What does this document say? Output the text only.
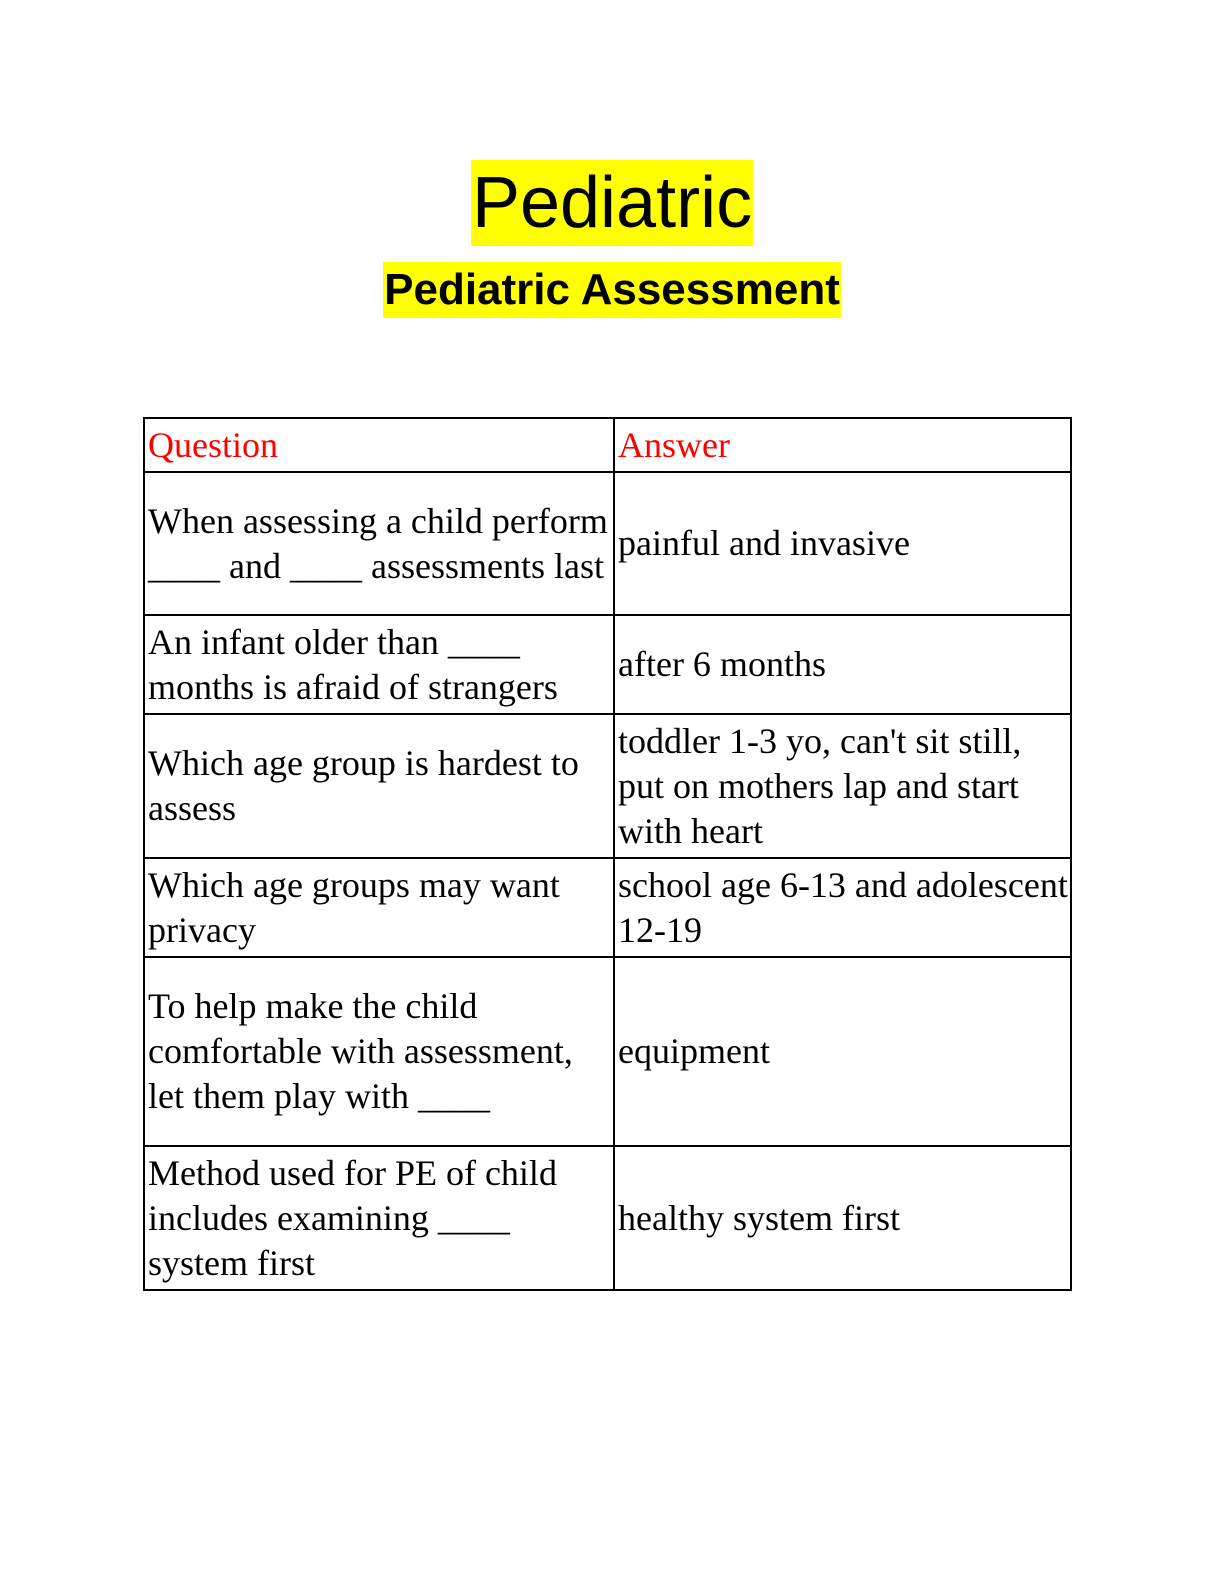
Pediatric
Pediatric Assessment
Question	Answer
When assessing a child perform ____ and ____ assessments last	painful and invasive
An infant older than ____ months is afraid of strangers	after 6 months
Which age group is hardest to assess	toddler 1-3 yo, can't sit still, put on mothers lap and start with heart
Which age groups may want privacy	school age 6-13 and adolescent 12-19
To help make the child comfortable with assessment, let them play with ____	equipment
Method used for PE of child includes examining ____ system first	healthy system first
